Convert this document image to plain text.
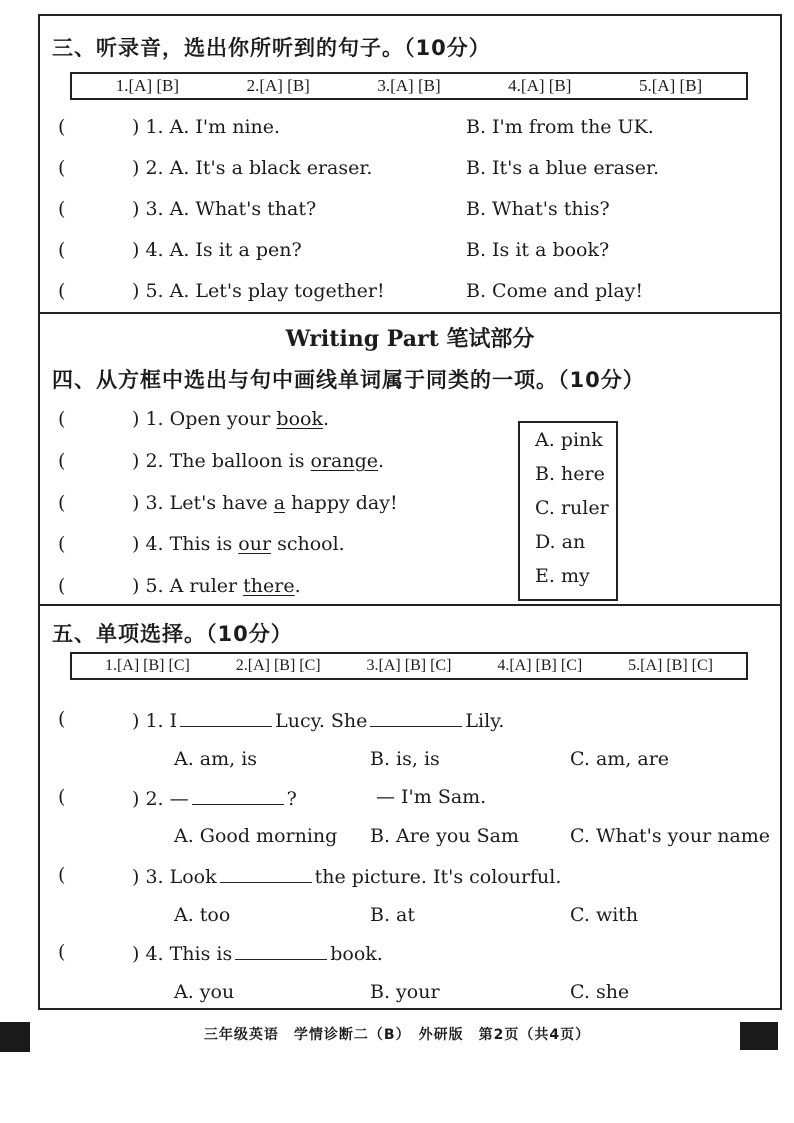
三、听录音，选出你所听到的句子。（10分）
1.[A] [B]	2.[A] [B]	3.[A] [B]	4.[A] [B]	5.[A] [B]
(	) 1. A. I'm nine.	B. I'm from the UK.
(	) 2. A. It's a black eraser.	B. It's a blue eraser.
(	) 3. A. What's that?	B. What's this?
(	) 4. A. Is it a pen?	B. Is it a book?
(	) 5. A. Let's play together!	B. Come and play!
Writing Part 笔试部分
四、从方框中选出与句中画线单词属于同类的一项。（10分）
(	) 1. Open your book.
(	) 2. The balloon is orange.
(	) 3. Let's have a happy day!
(	) 4. This is our school.
(	) 5. A ruler there.
A. pink
B. here
C. ruler
D. an
E. my
五、单项选择。（10分）
1.[A] [B] [C]	2.[A] [B] [C]	3.[A] [B] [C]	4.[A] [B] [C]	5.[A] [B] [C]
(	) 1. I	Lucy. She	Lily.
A. am, is	B. is, is	C. am, are
(	) 2. —	?	— I'm Sam.
A. Good morning B. Are you Sam	C. What's your name
(	) 3. Look	the picture. It's colourful.
A. too	B. at	C. with
(	) 4. This is	book.
A. you	B. your	C. she
三年级英语　学情诊断二（B）　外研版　第2页（共4页）
